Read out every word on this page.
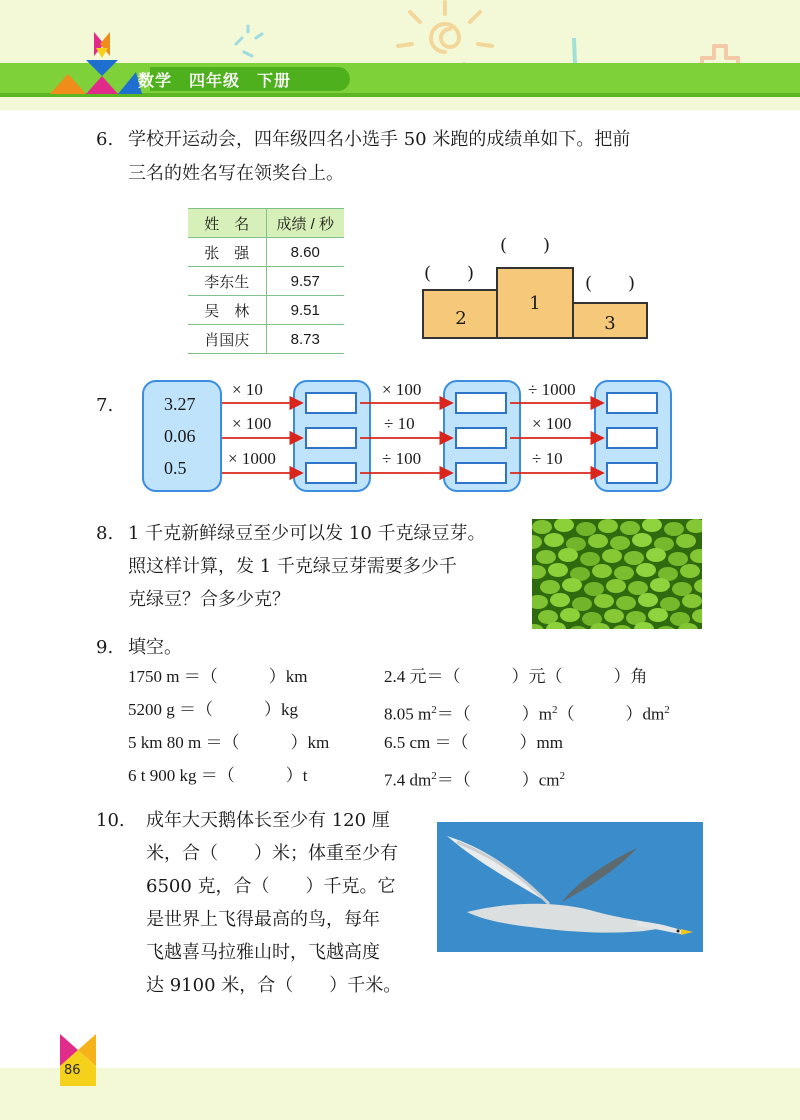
数学　四年级　下册
6. 学校开运动会，四年级四名小选手 50 米跑的成绩单如下。把前
三名的姓名写在领奖台上。
姓　名	成绩 / 秒
张　强	8.60
李东生	9.57
吴　林	9.51
肖国庆	8.73
(　　)
(　　)	(　　)
2
1
3
7.	3.27
0.06
0.5
× 10
× 100
× 1000
× 100
÷ 10
÷ 100
÷ 1000
× 100
÷ 10
8. 1 千克新鲜绿豆至少可以发 10 千克绿豆芽。
照这样计算，发 1 千克绿豆芽需要多少千
克绿豆？合多少克？
9. 填空。
1750 m ＝（　　　）km
5200 g ＝（　　　）kg
5 km 80 m ＝（　　　）km
6 t 900 kg ＝（　　　）t
2.4 元＝（　　　）元（　　　）角
8.05 $m^2=$（　　　）$m^2$（　　　）$dm^2$
6.5 cm ＝（　　　）mm
7.4 $dm^2=$（　　　）$cm^2$
10. 成年大天鹅体长至少有 120 厘
米，合（　　）米；体重至少有
6500 克，合（　　）千克。它
是世界上飞得最高的鸟，每年
飞越喜马拉雅山时，飞越高度
达 9100 米，合（　　）千米。
86
